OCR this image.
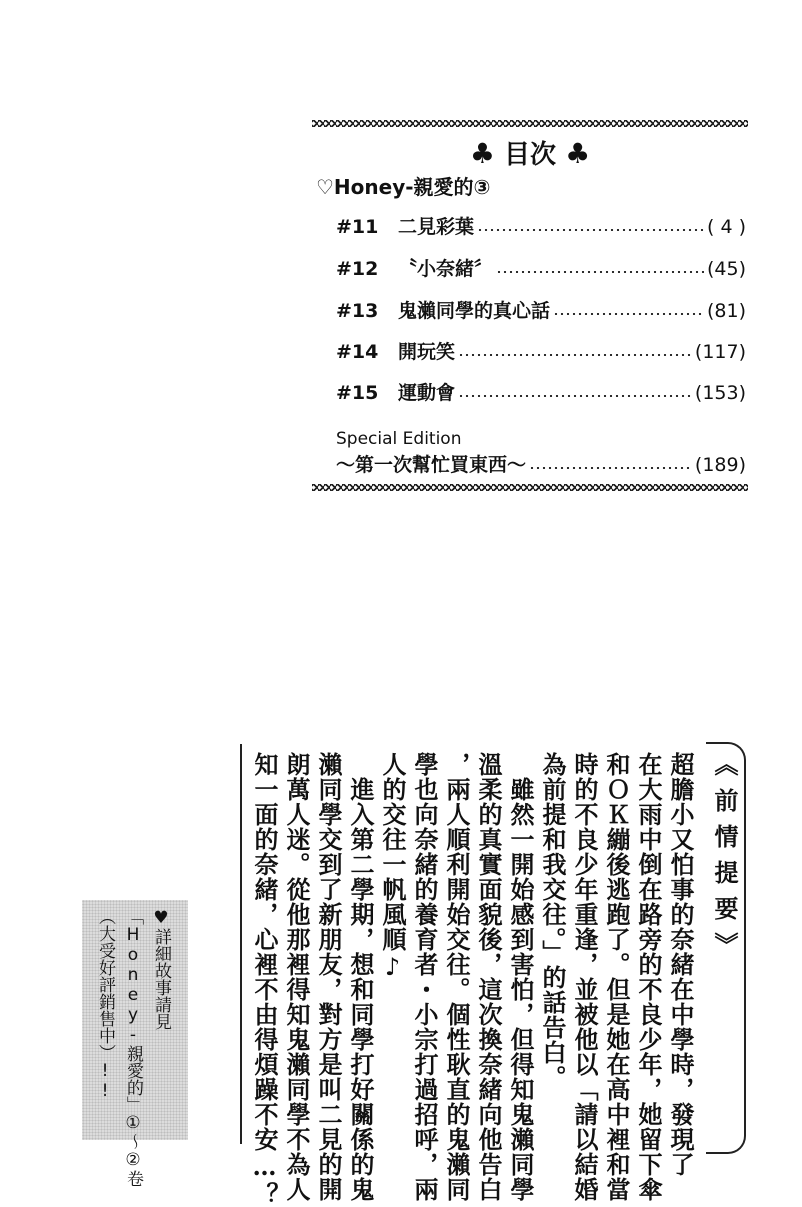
♣ 目次 ♣
♡Honey-親愛的③
#11	二見彩葉	( 4 )
#12	〝小奈緒〞	(45)
#13	鬼瀨同學的真心話	(81)
#14	開玩笑	(117)
#15	運動會	(153)
Special Edition
～第一次幫忙買東西～	(189)
《前情提要》
超膽小又怕事的奈緒在中學時，發現了
在大雨中倒在路旁的不良少年，她留下傘
和ＯＫ繃後逃跑了。但是她在高中裡和當
時的不良少年重逢，並被他以「請以結婚
為前提和我交往。」的話告白。
　雖然一開始感到害怕，但得知鬼瀨同學
溫柔的真實面貌後，這次換奈緒向他告白
，兩人順利開始交往。個性耿直的鬼瀨同
學也向奈緒的養育者・小宗打過招呼，兩
人的交往一帆風順♪
　進入第二學期，想和同學打好關係的鬼
瀨同學交到了新朋友，對方是叫二見的開
朗萬人迷。從他那裡得知鬼瀨同學不為人
知一面的奈緒，心裡不由得煩躁不安…？
♥詳細故事請見
「Honey-親愛的」①～②卷
（大受好評銷售中）!!
